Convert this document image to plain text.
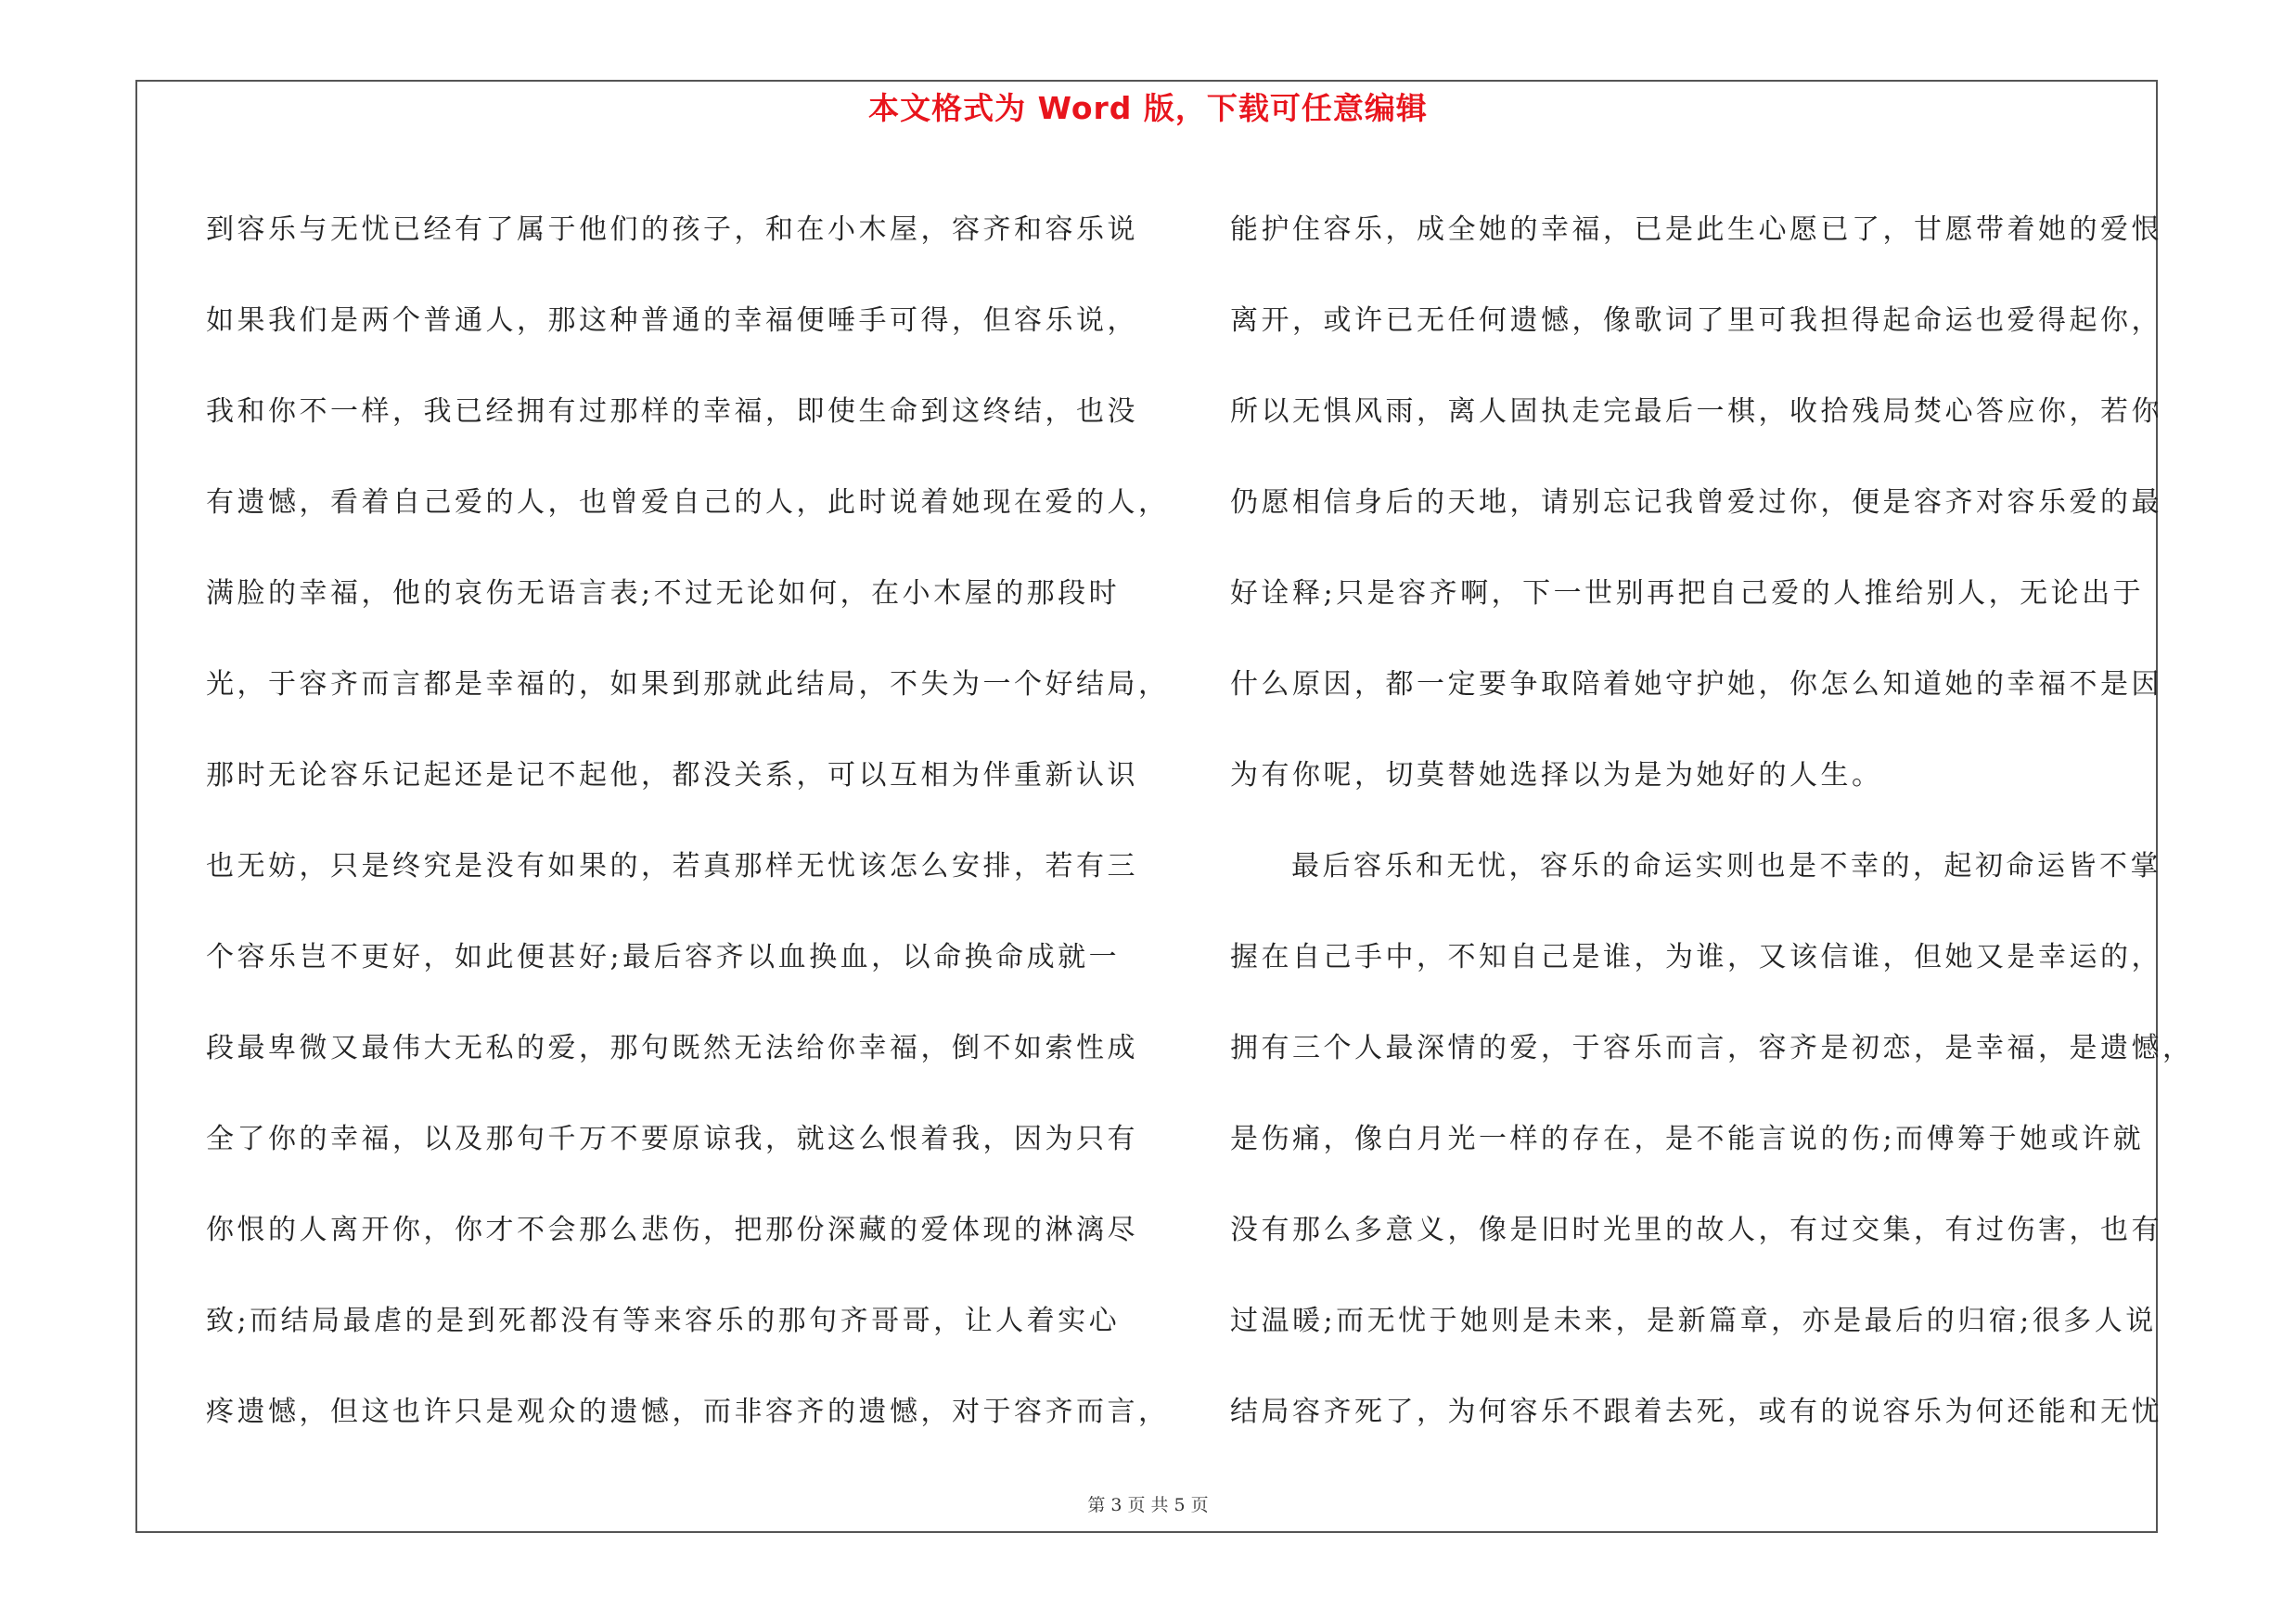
本文格式为 Word 版，下载可任意编辑

到容乐与无忧已经有了属于他们的孩子，和在小木屋，容齐和容乐说
如果我们是两个普通人，那这种普通的幸福便唾手可得，但容乐说，
我和你不一样，我已经拥有过那样的幸福，即使生命到这终结，也没
有遗憾，看着自己爱的人，也曾爱自己的人，此时说着她现在爱的人，
满脸的幸福，他的哀伤无语言表;不过无论如何，在小木屋的那段时
光，于容齐而言都是幸福的，如果到那就此结局，不失为一个好结局，
那时无论容乐记起还是记不起他，都没关系，可以互相为伴重新认识
也无妨，只是终究是没有如果的，若真那样无忧该怎么安排，若有三
个容乐岂不更好，如此便甚好;最后容齐以血换血，以命换命成就一
段最卑微又最伟大无私的爱，那句既然无法给你幸福，倒不如索性成
全了你的幸福，以及那句千万不要原谅我，就这么恨着我，因为只有
你恨的人离开你，你才不会那么悲伤，把那份深藏的爱体现的淋漓尽
致;而结局最虐的是到死都没有等来容乐的那句齐哥哥，让人着实心
疼遗憾，但这也许只是观众的遗憾，而非容齐的遗憾，对于容齐而言，

能护住容乐，成全她的幸福，已是此生心愿已了，甘愿带着她的爱恨
离开，或许已无任何遗憾，像歌词了里可我担得起命运也爱得起你，
所以无惧风雨，离人固执走完最后一棋，收拾残局焚心答应你，若你
仍愿相信身后的天地，请别忘记我曾爱过你，便是容齐对容乐爱的最
好诠释;只是容齐啊，下一世别再把自己爱的人推给别人，无论出于
什么原因，都一定要争取陪着她守护她，你怎么知道她的幸福不是因
为有你呢，切莫替她选择以为是为她好的人生。

最后容乐和无忧，容乐的命运实则也是不幸的，起初命运皆不掌
握在自己手中，不知自己是谁，为谁，又该信谁，但她又是幸运的，
拥有三个人最深情的爱，于容乐而言，容齐是初恋，是幸福，是遗憾，
是伤痛，像白月光一样的存在，是不能言说的伤;而傅筹于她或许就
没有那么多意义，像是旧时光里的故人，有过交集，有过伤害，也有
过温暖;而无忧于她则是未来，是新篇章，亦是最后的归宿;很多人说
结局容齐死了，为何容乐不跟着去死，或有的说容乐为何还能和无忧

第 3 页 共 5 页
